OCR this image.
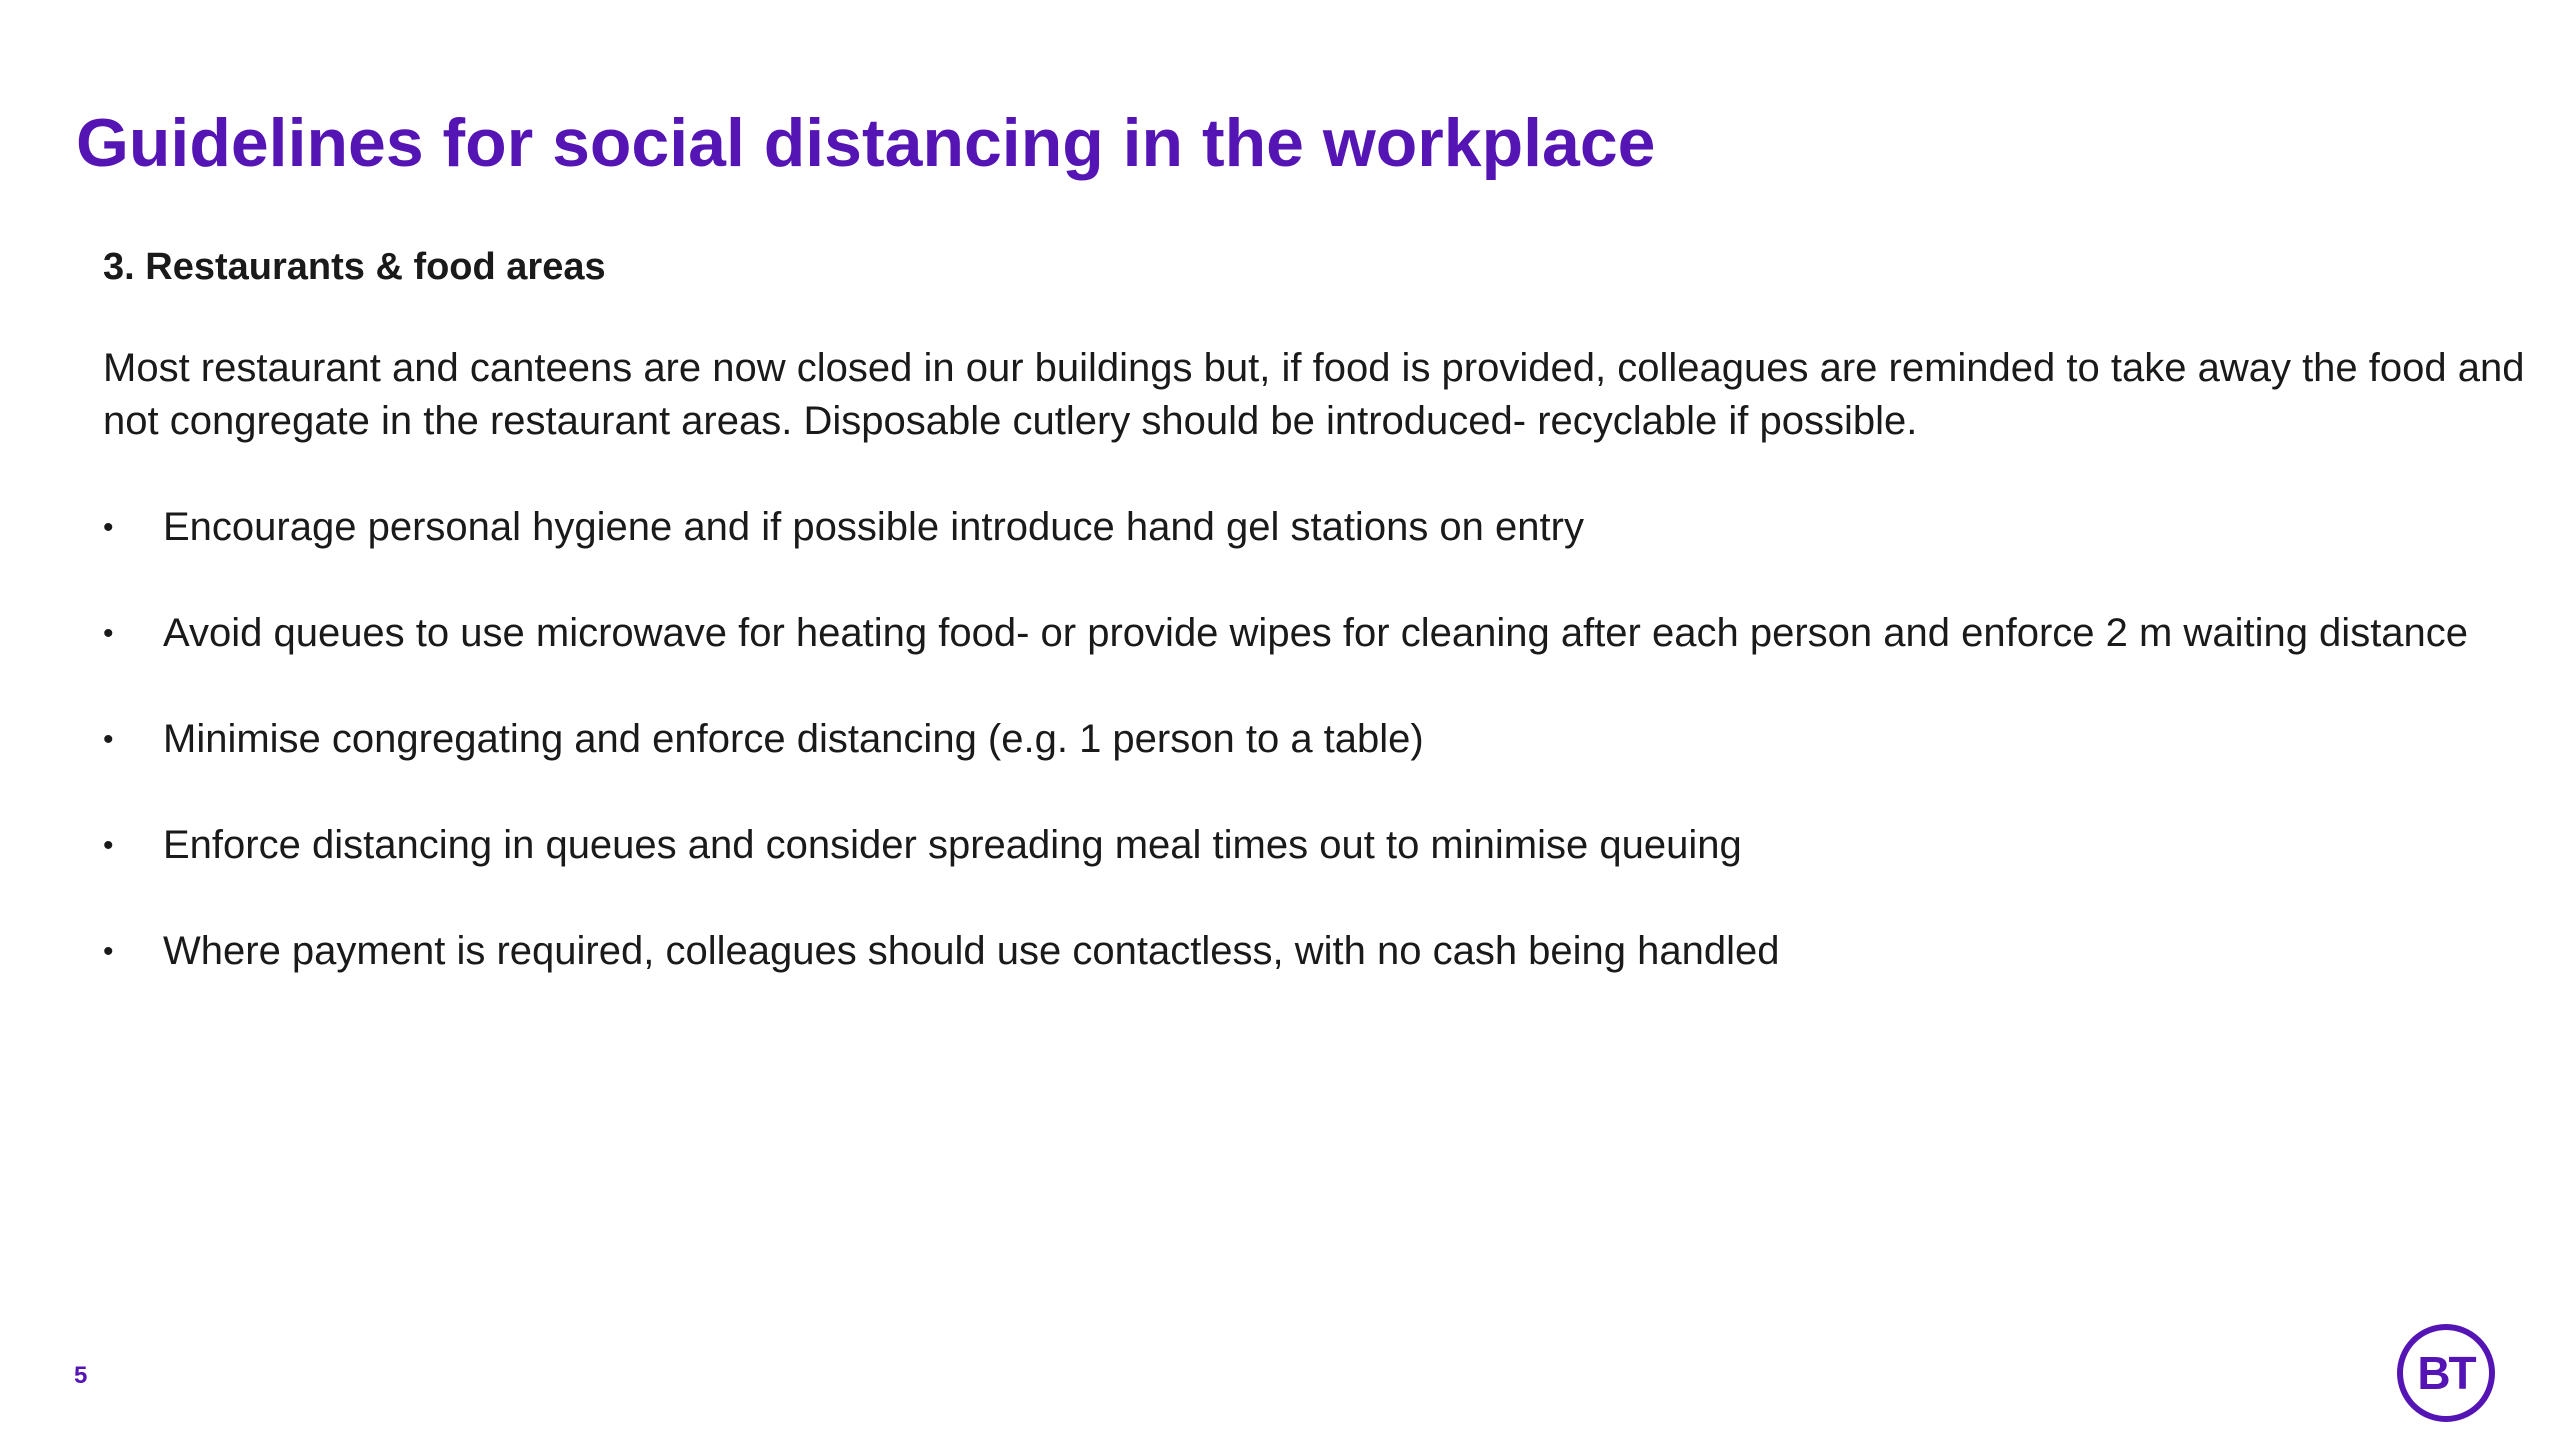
Guidelines for social distancing in the workplace

3. Restaurants & food areas

Most restaurant and canteens are now closed in our buildings but, if food is provided, colleagues are reminded to take away the food and not congregate in the restaurant areas. Disposable cutlery should be introduced- recyclable if possible.

• Encourage personal hygiene and if possible introduce hand gel stations on entry
• Avoid queues to use microwave for heating food- or provide wipes for cleaning after each person and enforce 2 m waiting distance
• Minimise congregating and enforce distancing (e.g. 1 person to a table)
• Enforce distancing in queues and consider spreading meal times out to minimise queuing
• Where payment is required, colleagues should use contactless, with no cash being handled
5	BT
